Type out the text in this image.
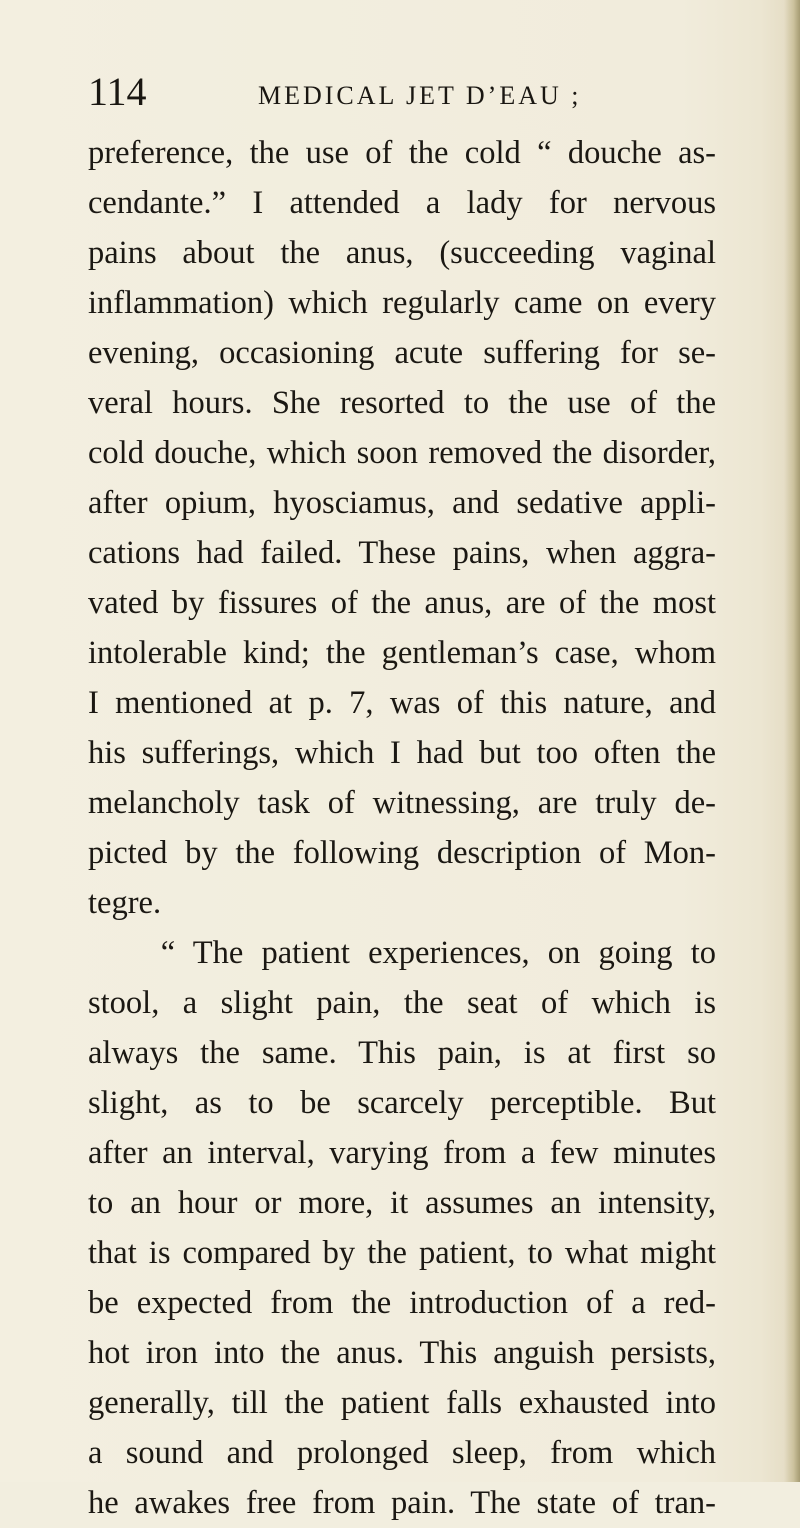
114	MEDICAL JET D’EAU ;
preference, the use of the cold “ douche as-
cendante.” I attended a lady for nervous
pains about the anus, (succeeding vaginal
inflammation) which regularly came on every
evening, occasioning acute suffering for se-
veral hours. She resorted to the use of the
cold douche, which soon removed the disorder,
after opium, hyosciamus, and sedative appli-
cations had failed. These pains, when aggra-
vated by fissures of the anus, are of the most
intolerable kind; the gentleman’s case, whom
I mentioned at p. 7, was of this nature, and
his sufferings, which I had but too often the
melancholy task of witnessing, are truly de-
picted by the following description of Mon-
tegre.
“ The patient experiences, on going to
stool, a slight pain, the seat of which is
always the same. This pain, is at first so
slight, as to be scarcely perceptible. But
after an interval, varying from a few minutes
to an hour or more, it assumes an intensity,
that is compared by the patient, to what might
be expected from the introduction of a red-
hot iron into the anus. This anguish persists,
generally, till the patient falls exhausted into
a sound and prolonged sleep, from which
he awakes free from pain. The state of tran-
